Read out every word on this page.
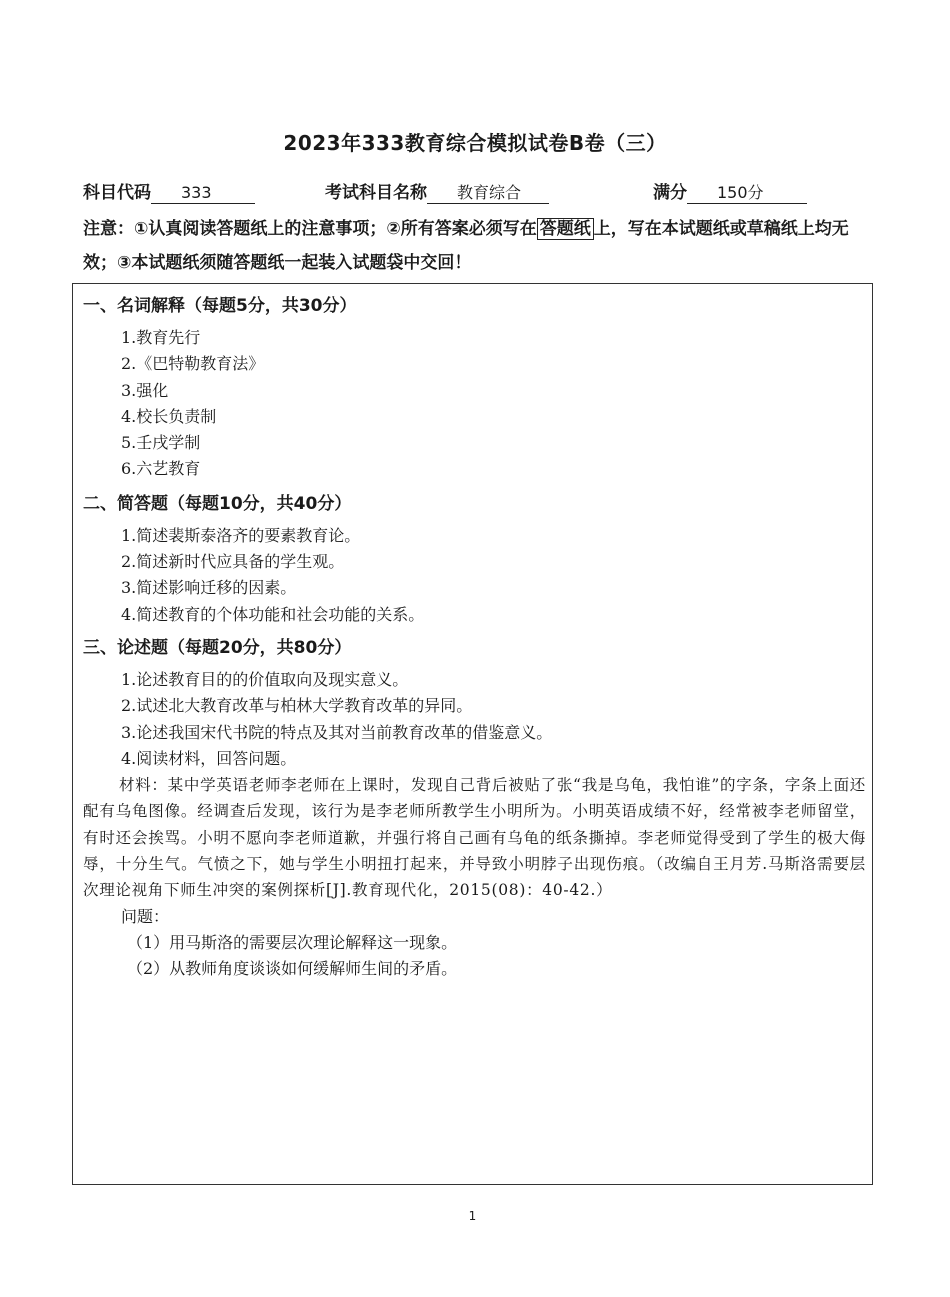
2023年333教育综合模拟试卷B卷（三）
科目代码 333	考试科目名称 教育综合	满分 150分
注意：①认真阅读答题纸上的注意事项；②所有答案必须写在 答题纸 上，写在本试题纸或草稿纸上均无效；③本试题纸须随答题纸一起装入试题袋中交回！
一、名词解释（每题5分，共30分）
1.教育先行
2.《巴特勒教育法》
3.强化
4.校长负责制
5.壬戌学制
6.六艺教育
二、简答题（每题10分，共40分）
1.简述裴斯泰洛齐的要素教育论。
2.简述新时代应具备的学生观。
3.简述影响迁移的因素。
4.简述教育的个体功能和社会功能的关系。
三、论述题（每题20分，共80分）
1.论述教育目的的价值取向及现实意义。
2.试述北大教育改革与柏林大学教育改革的异同。
3.论述我国宋代书院的特点及其对当前教育改革的借鉴意义。
4.阅读材料，回答问题。
材料：某中学英语老师李老师在上课时，发现自己背后被贴了张“我是乌龟，我怕谁”的字条，字条上面还配有乌龟图像。经调查后发现，该行为是李老师所教学生小明所为。小明英语成绩不好，经常被李老师留堂，有时还会挨骂。小明不愿向李老师道歉，并强行将自己画有乌龟的纸条撕掉。李老师觉得受到了学生的极大侮辱，十分生气。气愤之下，她与学生小明扭打起来，并导致小明脖子出现伤痕。（改编自王月芳.马斯洛需要层次理论视角下师生冲突的案例探析[J].教育现代化，2015(08)：40-42.）
问题：
（1）用马斯洛的需要层次理论解释这一现象。
（2）从教师角度谈谈如何缓解师生间的矛盾。
1
